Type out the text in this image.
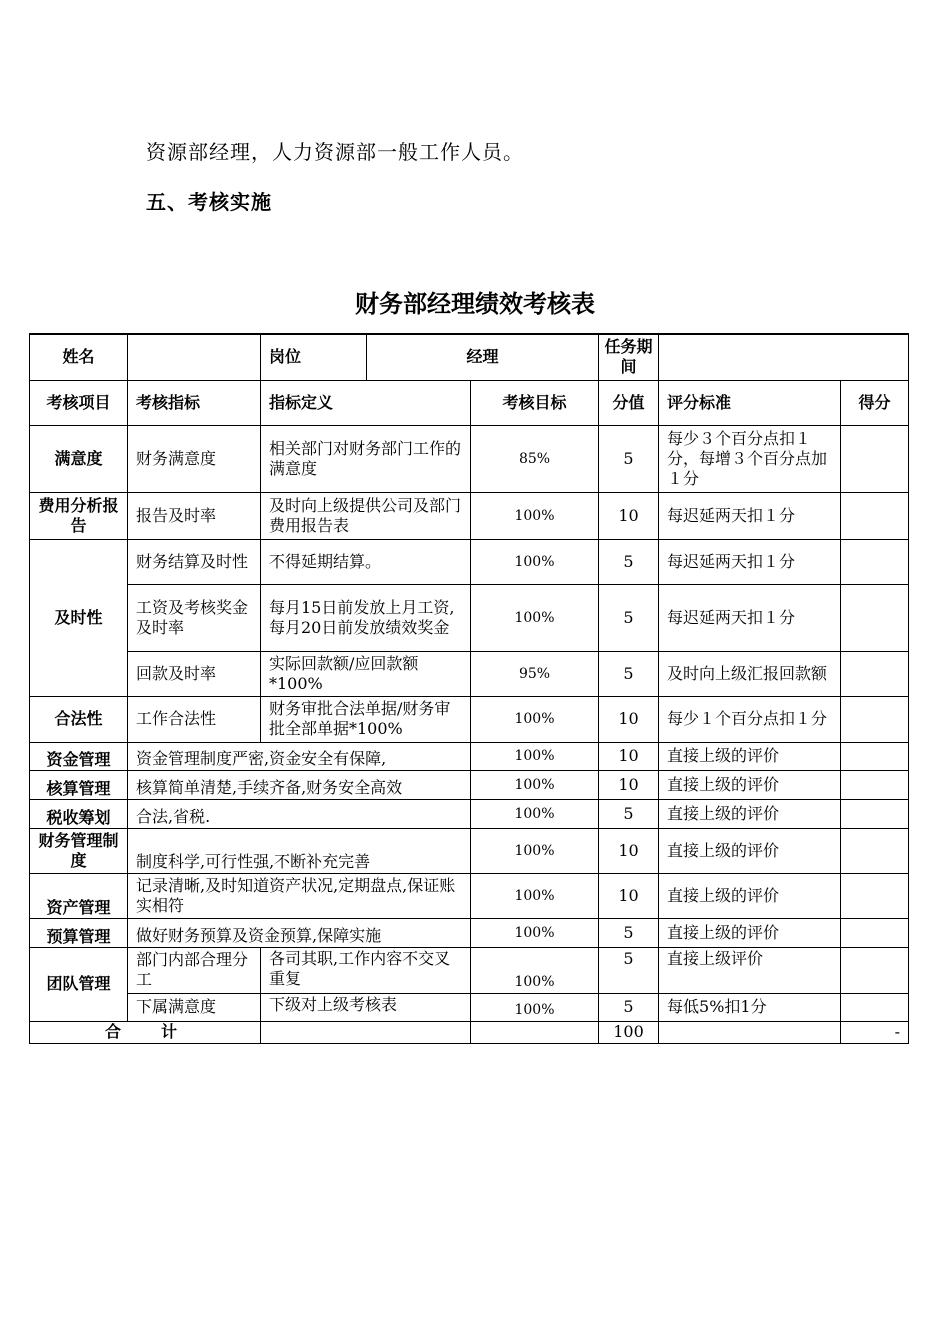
资源部经理，人力资源部一般工作人员。
五、考核实施
财务部经理绩效考核表
姓名		岗位	经理		任务期间		
考核项目	考核指标	指标定义		考核目标	分值	评分标准	得分
满意度	财务满意度	相关部门对财务部门工作的满意度		85%	5	每少３个百分点扣１分，每增３个百分点加１分	
费用分析报告	报告及时率	及时向上级提供公司及部门费用报告表		100%	10	每迟延两天扣１分	
及时性	财务结算及时性	不得延期结算。		100%	5	每迟延两天扣１分	
	工资及考核奖金及时率	每月15日前发放上月工资,每月20日前发放绩效奖金		100%	5	每迟延两天扣１分	
	回款及时率	实际回款额/应回款额*100%		95%	5	及时向上级汇报回款额	
合法性	工作合法性	财务审批合法单据/财务审批全部单据*100%		100%	10	每少１个百分点扣１分	
资金管理	资金管理制度严密,资金安全有保障,			100%	10	直接上级的评价	
核算管理	核算简单清楚,手续齐备,财务安全高效			100%	10	直接上级的评价	
税收筹划	合法,省税.			100%	5	直接上级的评价	
财务管理制度	制度科学,可行性强,不断补充完善			100%	10	直接上级的评价	
资产管理	记录清晰,及时知道资产状况,定期盘点,保证账实相符			100%	10	直接上级的评价	
预算管理	做好财务预算及资金预算,保障实施			100%	5	直接上级的评价	
团队管理	部门内部合理分工	各司其职,工作内容不交叉重复		100%	5	直接上级评价	
	下属满意度	下级对上级考核表		100%	5	每低5%扣1分	
合计					100		-
